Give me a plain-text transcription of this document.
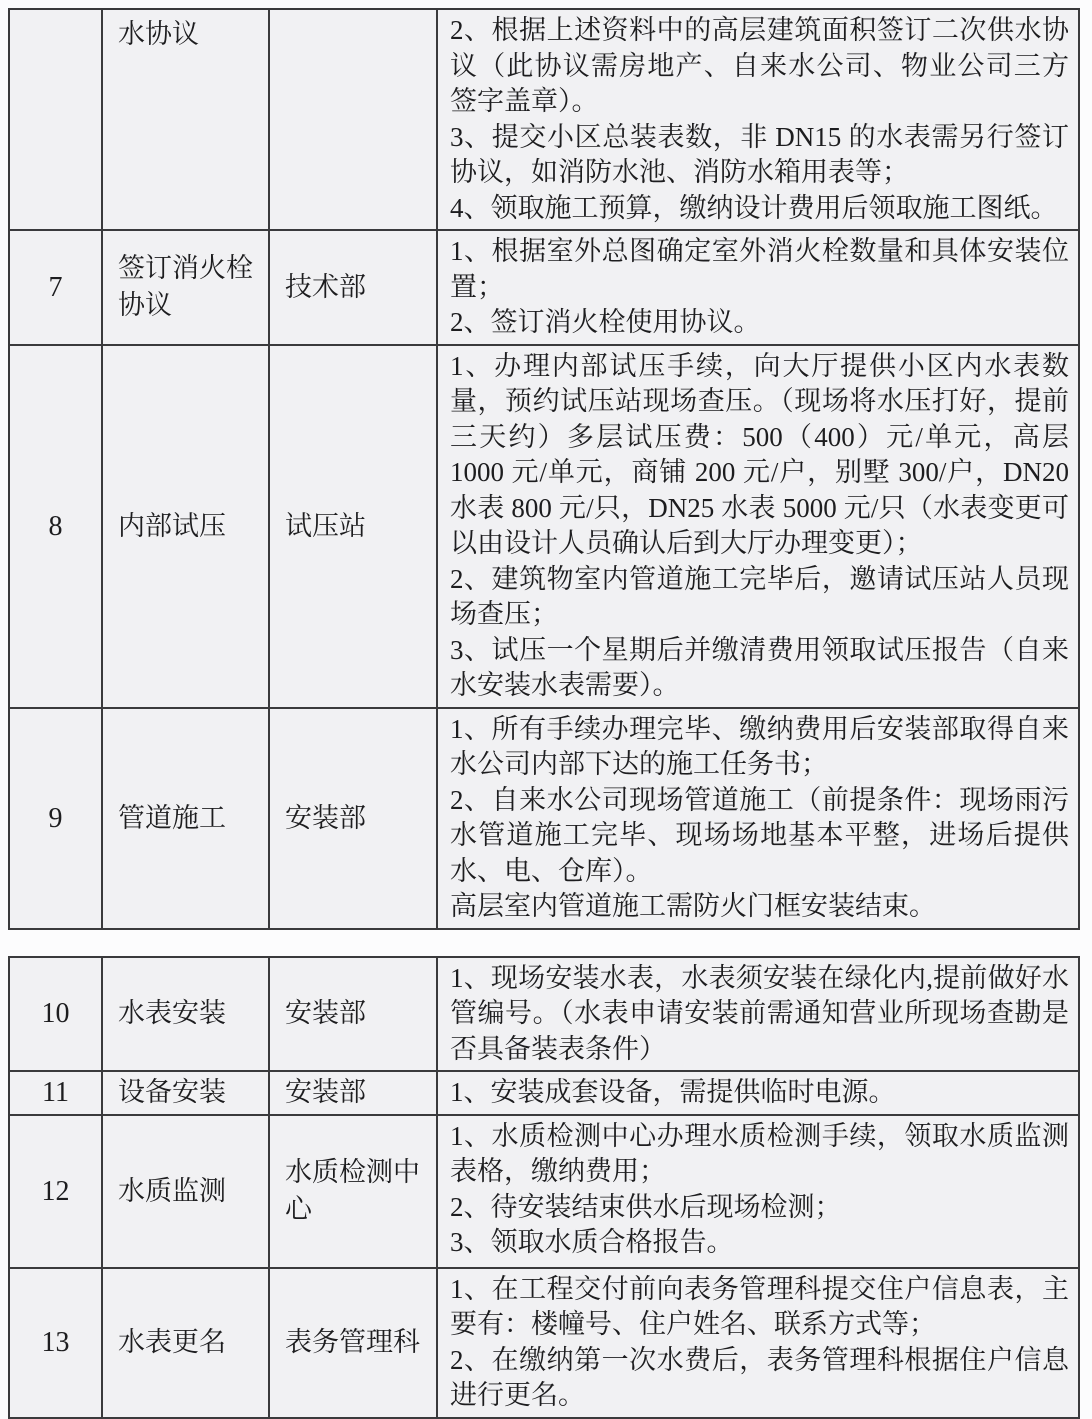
	水协议		2、根据上述资料中的高层建筑面积签订二次供水协议（此协议需房地产、自来水公司、物业公司三方签字盖章）。
3、提交小区总装表数，非 DN15 的水表需另行签订协议，如消防水池、消防水箱用表等；
4、领取施工预算，缴纳设计费用后领取施工图纸。

7	签订消火栓协议	技术部	1、根据室外总图确定室外消火栓数量和具体安装位置；
2、签订消火栓使用协议。

8	内部试压	试压站	1、办理内部试压手续，向大厅提供小区内水表数量，预约试压站现场查压。（现场将水压打好，提前三天约）多层试压费：500（400）元/单元，高层 1000 元/单元，商铺 200 元/户，别墅 300/户，DN20 水表 800 元/只，DN25 水表 5000 元/只（水表变更可以由设计人员确认后到大厅办理变更）；
2、建筑物室内管道施工完毕后，邀请试压站人员现场查压；
3、试压一个星期后并缴清费用领取试压报告（自来水安装水表需要）。

9	管道施工	安装部	1、所有手续办理完毕、缴纳费用后安装部取得自来水公司内部下达的施工任务书；
2、自来水公司现场管道施工（前提条件：现场雨污水管道施工完毕、现场场地基本平整，进场后提供水、电、仓库）。
高层室内管道施工需防火门框安装结束。
10	水表安装	安装部	1、现场安装水表，水表须安装在绿化内,提前做好水管编号。（水表申请安装前需通知营业所现场查勘是否具备装表条件）

11	设备安装	安装部	1、安装成套设备，需提供临时电源。

12	水质监测	水质检测中心	1、水质检测中心办理水质检测手续，领取水质监测表格，缴纳费用；
2、待安装结束供水后现场检测；
3、领取水质合格报告。

13	水表更名	表务管理科	1、在工程交付前向表务管理科提交住户信息表，主要有：楼幢号、住户姓名、联系方式等；
2、在缴纳第一次水费后，表务管理科根据住户信息进行更名。
